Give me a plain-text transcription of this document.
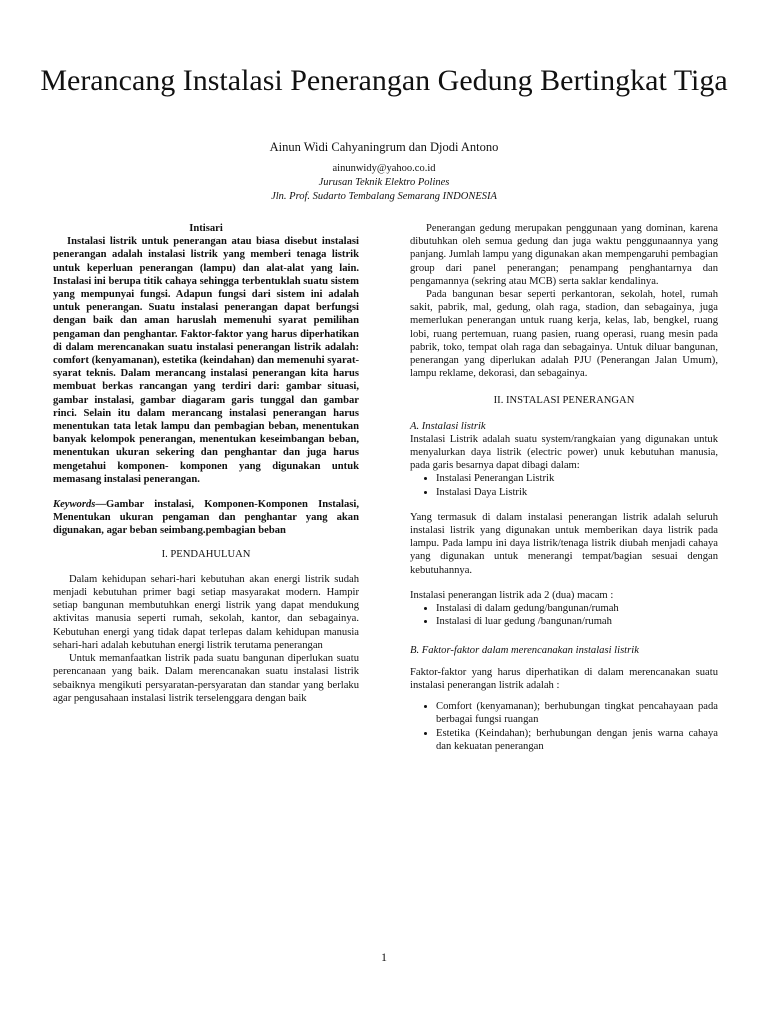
Merancang Instalasi Penerangan Gedung Bertingkat Tiga
Ainun Widi Cahyaningrum dan Djodi Antono
ainunwidy@yahoo.co.id
Jurusan Teknik Elektro Polines
Jln. Prof. Sudarto Tembalang Semarang INDONESIA
Intisari

Instalasi listrik untuk penerangan atau biasa disebut instalasi penerangan adalah instalasi listrik yang memberi tenaga listrik untuk keperluan penerangan (lampu) dan alat-alat yang lain. Instalasi ini berupa titik cahaya sehingga terbentuklah suatu sistem yang mempunyai fungsi. Adapun fungsi dari sistem ini adalah untuk penerangan. Suatu instalasi penerangan dapat berfungsi dengan baik dan aman haruslah memenuhi syarat pemilihan pengaman dan penghantar. Faktor-faktor yang harus diperhatikan di dalam merencanakan suatu instalasi penerangan listrik adalah: comfort (kenyamanan), estetika (keindahan) dan memenuhi syarat-syarat teknis. Dalam merancang instalasi penerangan kita harus membuat berkas rancangan yang terdiri dari: gambar situasi, gambar instalasi, gambar diagaram garis tunggal dan gambar rinci. Selain itu dalam merancang instalasi penerangan harus menentukan tata letak lampu dan pembagian beban, menentukan banyak kelompok penerangan, menentukan keseimbangan beban, menentukan ukuran sekering dan penghantar dan juga harus mengetahui komponen- komponen yang digunakan untuk memasang instalasi penerangan.

Keywords—Gambar instalasi, Komponen-Komponen Instalasi, Menentukan ukuran pengaman dan penghantar yang akan digunakan, agar beban seimbang.pembagian beban

I. PENDAHULUAN

Dalam kehidupan sehari-hari kebutuhan akan energi listrik sudah menjadi kebutuhan primer bagi setiap masyarakat modern. Hampir setiap bangunan membutuhkan energi listrik yang dapat mendukung aktivitas manusia seperti rumah, sekolah, kantor, dan sebagainya. Kebutuhan energi yang tidak dapat terlepas dalam kehidupan manusia sehari-hari adalah kebutuhan energi listrik terutama penerangan

Untuk memanfaatkan listrik pada suatu bangunan diperlukan suatu perencanaan yang baik. Dalam merencanakan suatu instalasi listrik sebaiknya mengikuti persyaratan-persyaratan dan standar yang berlaku agar pengusahaan instalasi listrik terselenggara dengan baik

Penerangan gedung merupakan penggunaan yang dominan, karena dibutuhkan oleh semua gedung dan juga waktu penggunaannya yang panjang. Jumlah lampu yang digunakan akan mempengaruhi pembagian group dari panel penerangan; penampang penghantarnya dan pengamannya (sekring atau MCB) serta saklar kendalinya.

Pada bangunan besar seperti perkantoran, sekolah, hotel, rumah sakit, pabrik, mal, gedung, olah raga, stadion, dan sebagainya, juga memerlukan penerangan untuk ruang kerja, kelas, lab, bengkel, ruang lobi, ruang pertemuan, ruang pasien, ruang operasi, ruang mesin pada pabrik, toko, tempat olah raga dan sebagainya. Untuk diluar bangunan, penerangan yang diperlukan adalah PJU (Penerangan Jalan Umum), lampu reklame, dekorasi, dan sebagainya.

II. INSTALASI PENERANGAN
A. Instalasi listrik

Instalasi Listrik adalah suatu system/rangkaian yang digunakan untuk menyalurkan daya listrik (electric power) unuk kebutuhan manusia, pada garis besarnya dapat dibagi dalam:

• Instalasi Penerangan Listrik
• Instalasi Daya Listrik

Yang termasuk di dalam instalasi penerangan listrik adalah seluruh instalasi listrik yang digunakan untuk memberikan daya listrik pada lampu. Pada lampu ini daya listrik/tenaga listrik diubah menjadi cahaya yang digunakan untuk menerangi tempat/bagian sesuai dengan kebutuhannya.

Instalasi penerangan listrik ada 2 (dua) macam :

• Instalasi di dalam gedung/bangunan/rumah
• Instalasi di luar gedung /bangunan/rumah
B. Faktor-faktor dalam merencanakan instalasi listrik

Faktor-faktor yang harus diperhatikan di dalam merencanakan suatu instalasi penerangan listrik adalah :

• Comfort (kenyamanan); berhubungan tingkat pencahayaan pada berbagai fungsi ruangan
• Estetika (Keindahan); berhubungan dengan jenis warna cahaya dan kekuatan penerangan
1
